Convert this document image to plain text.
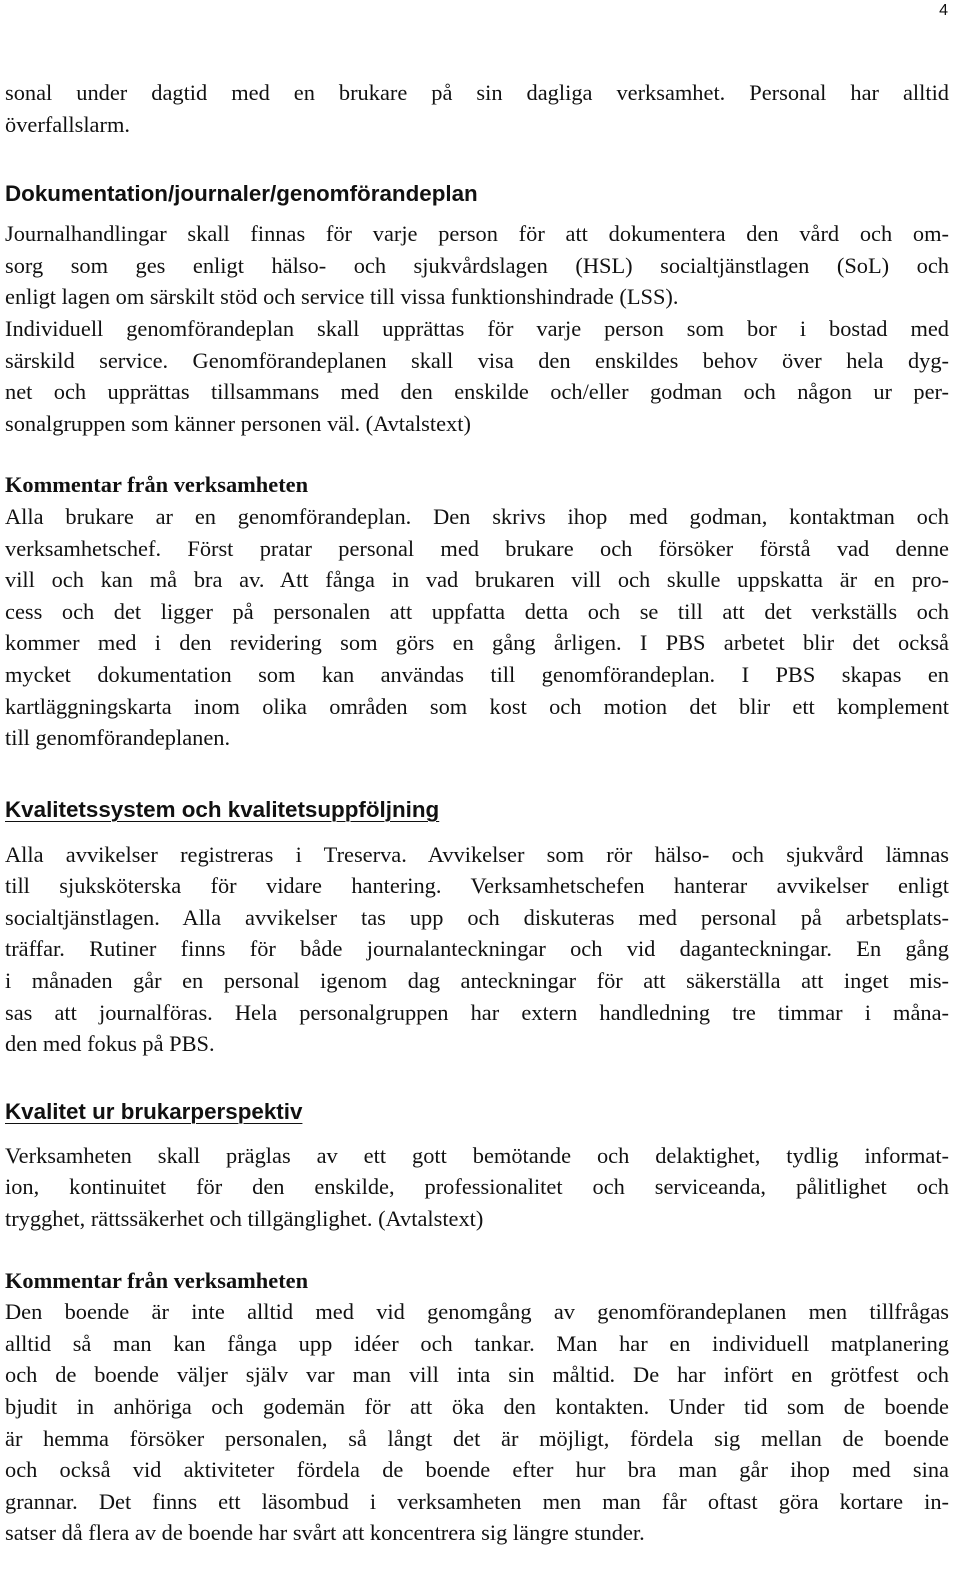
4
sonal under dagtid med en brukare på sin dagliga verksamhet. Personal har alltid
överfallslarm.
Dokumentation/journaler/genomförandeplan
Journalhandlingar skall finnas för varje person för att dokumentera den vård och om-
sorg som ges enligt hälso- och sjukvårdslagen (HSL) socialtjänstlagen (SoL) och
enligt lagen om särskilt stöd och service till vissa funktionshindrade (LSS).
Individuell genomförandeplan skall upprättas för varje person som bor i bostad med
särskild service. Genomförandeplanen skall visa den enskildes behov över hela dyg-
net och upprättas tillsammans med den enskilde och/eller godman och någon ur per-
sonalgruppen som känner personen väl. (Avtalstext)
Kommentar från verksamheten
Alla brukare ar en genomförandeplan. Den skrivs ihop med godman, kontaktman och
verksamhetschef. Först pratar personal med brukare och försöker förstå vad denne
vill och kan må bra av. Att fånga in vad brukaren vill och skulle uppskatta är en pro-
cess och det ligger på personalen att uppfatta detta och se till att det verkställs och
kommer med i den revidering som görs en gång årligen. I PBS arbetet blir det också
mycket dokumentation som kan användas till genomförandeplan. I PBS skapas en
kartläggningskarta inom olika områden som kost och motion det blir ett komplement
till genomförandeplanen.
Kvalitetssystem och kvalitetsuppföljning
Alla avvikelser registreras i Treserva. Avvikelser som rör hälso- och sjukvård lämnas
till sjuksköterska för vidare hantering. Verksamhetschefen hanterar avvikelser enligt
socialtjänstlagen. Alla avvikelser tas upp och diskuteras med personal på arbetsplats-
träffar. Rutiner finns för både journalanteckningar och vid daganteckningar. En gång
i månaden går en personal igenom dag anteckningar för att säkerställa att inget mis-
sas att journalföras. Hela personalgruppen har extern handledning tre timmar i måna-
den med fokus på PBS.
Kvalitet ur brukarperspektiv
Verksamheten skall präglas av ett gott bemötande och delaktighet, tydlig informat-
ion, kontinuitet för den enskilde, professionalitet och serviceanda, pålitlighet och
trygghet, rättssäkerhet och tillgänglighet. (Avtalstext)
Kommentar från verksamheten
Den boende är inte alltid med vid genomgång av genomförandeplanen men tillfrågas
alltid så man kan fånga upp idéer och tankar. Man har en individuell matplanering
och de boende väljer själv var man vill inta sin måltid. De har infört en grötfest och
bjudit in anhöriga och godemän för att öka den kontakten. Under tid som de boende
är hemma försöker personalen, så långt det är möjligt, fördela sig mellan de boende
och också vid aktiviteter fördela de boende efter hur bra man går ihop med sina
grannar. Det finns ett läsombud i verksamheten men man får oftast göra kortare in-
satser då flera av de boende har svårt att koncentrera sig längre stunder.
